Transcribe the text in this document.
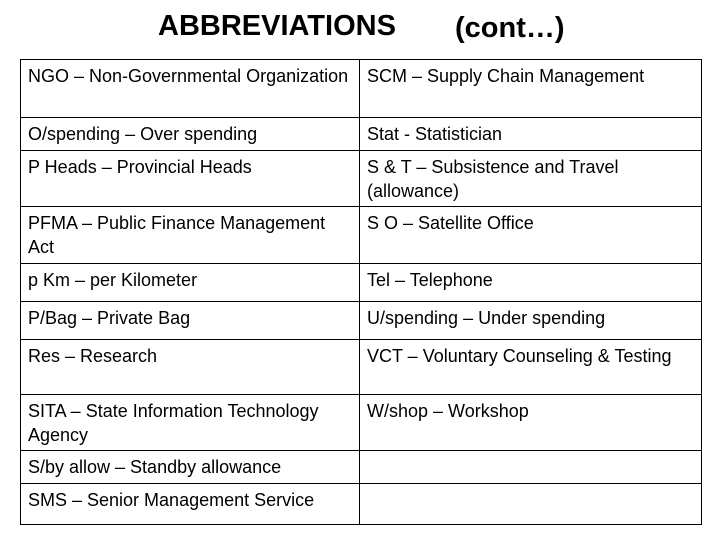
ABBREVIATIONS (cont…)
NGO – Non-Governmental Organization	SCM – Supply Chain Management
O/spending – Over spending	Stat - Statistician
P Heads – Provincial Heads	S & T – Subsistence and Travel (allowance)
PFMA – Public Finance Management Act	S O – Satellite Office
p Km – per Kilometer	Tel – Telephone
P/Bag – Private Bag	U/spending – Under spending
Res – Research	VCT – Voluntary Counseling & Testing
SITA – State Information Technology Agency	W/shop – Workshop
S/by allow – Standby allowance	
SMS – Senior Management Service	
